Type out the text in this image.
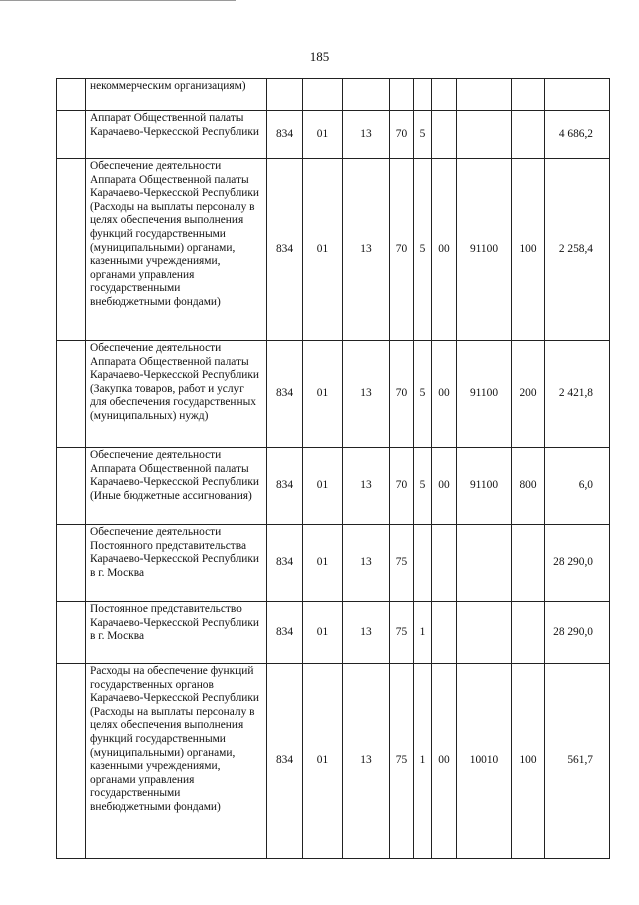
185
	некоммерческим организациям)									
	Аппарат Общественной палаты Карачаево-Черкесской Республики	834	01	13	70	5				4 686,2
	Обеспечение деятельности Аппарата Общественной палаты Карачаево-Черкесской Республики (Расходы на выплаты персоналу в целях обеспечения выполнения функций государственными (муниципальными) органами, казенными учреждениями, органами управления государственными внебюджетными фондами)	834	01	13	70	5	00	91100	100	2 258,4
	Обеспечение деятельности Аппарата Общественной палаты Карачаево-Черкесской Республики (Закупка товаров, работ и услуг для обеспечения государственных (муниципальных) нужд)	834	01	13	70	5	00	91100	200	2 421,8
	Обеспечение деятельности Аппарата Общественной палаты Карачаево-Черкесской Республики (Иные бюджетные ассигнования)	834	01	13	70	5	00	91100	800	6,0
	Обеспечение деятельности Постоянного представительства Карачаево-Черкесской Республики в г. Москва	834	01	13	75					28 290,0
	Постоянное представительство Карачаево-Черкесской Республики в г. Москва	834	01	13	75	1				28 290,0
	Расходы на обеспечение функций государственных органов Карачаево-Черкесской Республики (Расходы на выплаты персоналу в целях обеспечения выполнения функций государственными (муниципальными) органами, казенными учреждениями, органами управления государственными внебюджетными фондами)	834	01	13	75	1	00	10010	100	561,7
